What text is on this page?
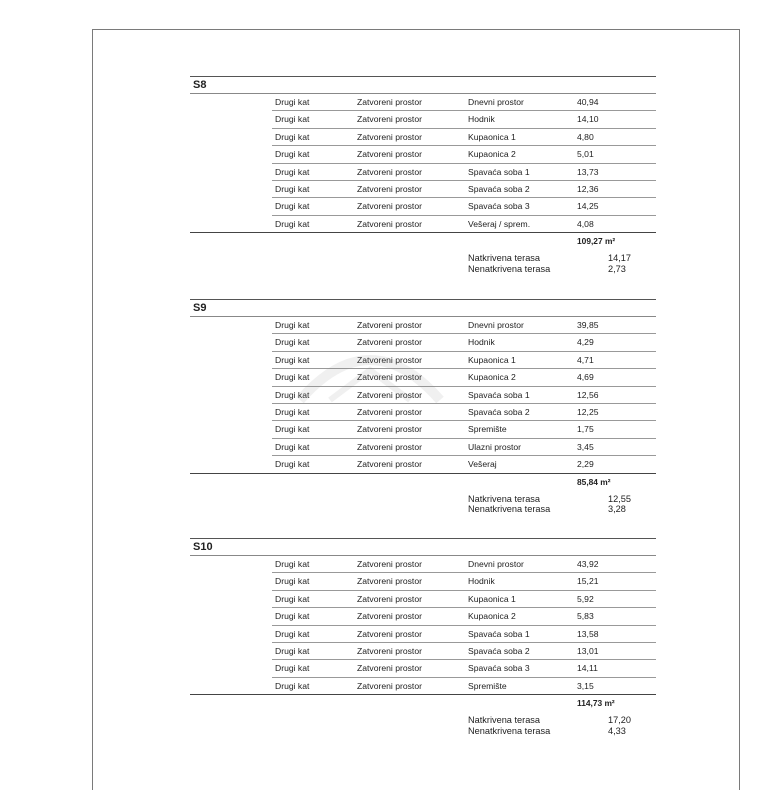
S8
Drugi kat	Zatvoreni prostor	Dnevni prostor	40,94
Drugi kat	Zatvoreni prostor	Hodnik	14,10
Drugi kat	Zatvoreni prostor	Kupaonica 1	4,80
Drugi kat	Zatvoreni prostor	Kupaonica 2	5,01
Drugi kat	Zatvoreni prostor	Spavaća soba 1	13,73
Drugi kat	Zatvoreni prostor	Spavaća soba 2	12,36
Drugi kat	Zatvoreni prostor	Spavaća soba 3	14,25
Drugi kat	Zatvoreni prostor	Vešeraj / sprem.	4,08
109,27 m²
Natkrivena terasa	14,17
Nenatkrivena terasa	2,73
S9
Drugi kat	Zatvoreni prostor	Dnevni prostor	39,85
Drugi kat	Zatvoreni prostor	Hodnik	4,29
Drugi kat	Zatvoreni prostor	Kupaonica 1	4,71
Drugi kat	Zatvoreni prostor	Kupaonica 2	4,69
Drugi kat	Zatvoreni prostor	Spavaća soba 1	12,56
Drugi kat	Zatvoreni prostor	Spavaća soba 2	12,25
Drugi kat	Zatvoreni prostor	Spremište	1,75
Drugi kat	Zatvoreni prostor	Ulazni prostor	3,45
Drugi kat	Zatvoreni prostor	Vešeraj	2,29
85,84 m²
Natkrivena terasa	12,55
Nenatkrivena terasa	3,28
S10
Drugi kat	Zatvoreni prostor	Dnevni prostor	43,92
Drugi kat	Zatvoreni prostor	Hodnik	15,21
Drugi kat	Zatvoreni prostor	Kupaonica 1	5,92
Drugi kat	Zatvoreni prostor	Kupaonica 2	5,83
Drugi kat	Zatvoreni prostor	Spavaća soba 1	13,58
Drugi kat	Zatvoreni prostor	Spavaća soba 2	13,01
Drugi kat	Zatvoreni prostor	Spavaća soba 3	14,11
Drugi kat	Zatvoreni prostor	Spremište	3,15
114,73 m²
Natkrivena terasa	17,20
Nenatkrivena terasa	4,33
